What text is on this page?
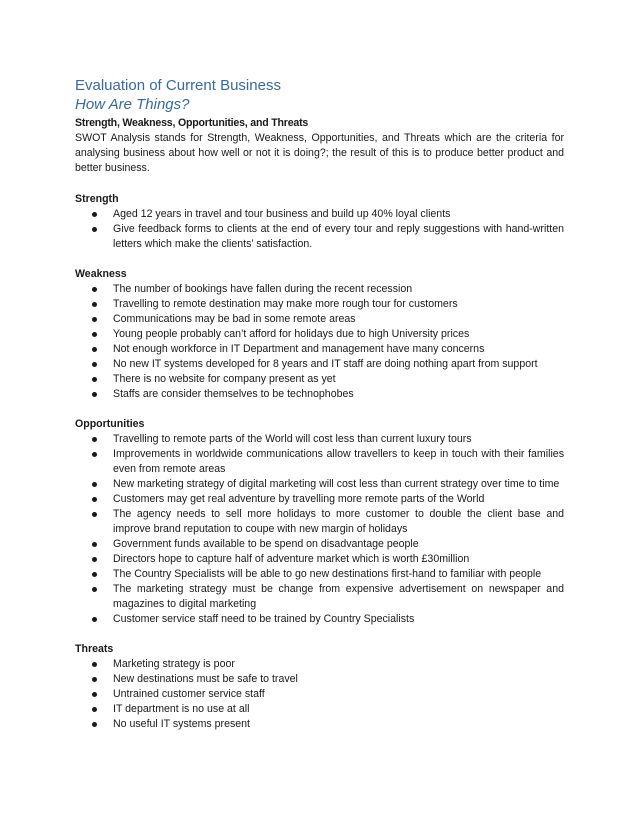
Evaluation of Current Business
How Are Things?

Strength, Weakness, Opportunities, and Threats

SWOT Analysis stands for Strength, Weakness, Opportunities, and Threats which are the criteria for analysing business about how well or not it is doing?; the result of this is to produce better product and better business.

Strength

Aged 12 years in travel and tour business and build up 40% loyal clients
Give feedback forms to clients at the end of every tour and reply suggestions with hand-written letters which make the clients’ satisfaction.

Weakness

The number of bookings have fallen during the recent recession
Travelling to remote destination may make more rough tour for customers
Communications may be bad in some remote areas
Young people probably can’t afford for holidays due to high University prices
Not enough workforce in IT Department and management have many concerns
No new IT systems developed for 8 years and IT staff are doing nothing apart from support
There is no website for company present as yet
Staffs are consider themselves to be technophobes

Opportunities

Travelling to remote parts of the World will cost less than current luxury tours
Improvements in worldwide communications allow travellers to keep in touch with their families even from remote areas
New marketing strategy of digital marketing will cost less than current strategy over time to time
Customers may get real adventure by travelling more remote parts of the World
The agency needs to sell more holidays to more customer to double the client base and improve brand reputation to coupe with new margin of holidays
Government funds available to be spend on disadvantage people
Directors hope to capture half of adventure market which is worth £30million
The Country Specialists will be able to go new destinations first-hand to familiar with people
The marketing strategy must be change from expensive advertisement on newspaper and magazines to digital marketing
Customer service staff need to be trained by Country Specialists

Threats

Marketing strategy is poor
New destinations must be safe to travel
Untrained customer service staff
IT department is no use at all
No useful IT systems present
